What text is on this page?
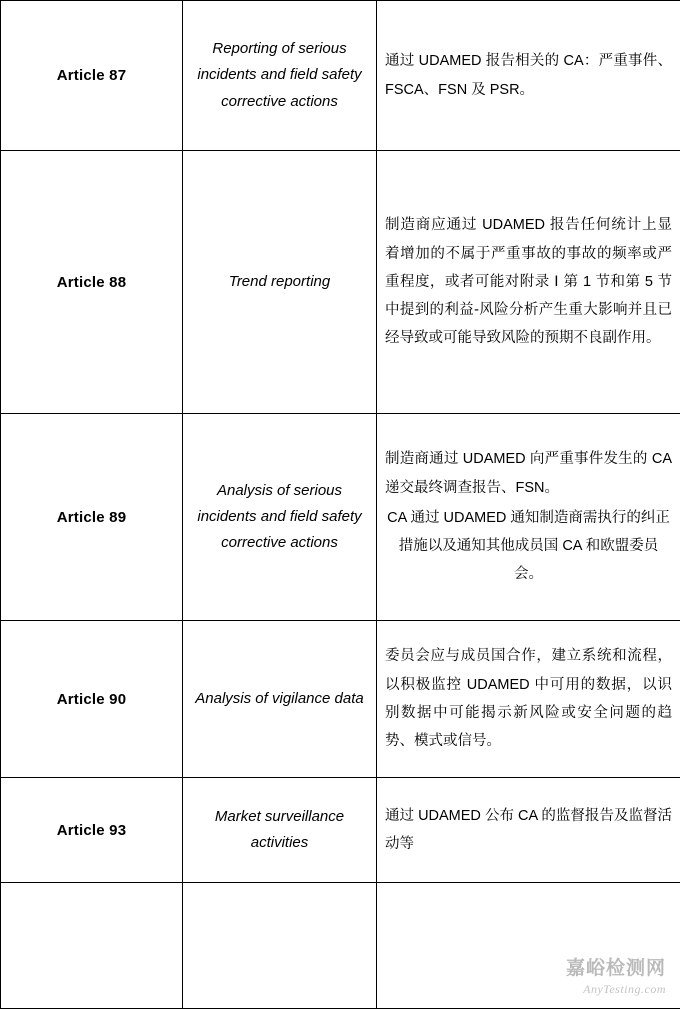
Article 87	Reporting of serious incidents and field safety corrective actions	通过 UDAMED 报告相关的 CA：严重事件、FSCA、FSN 及 PSR。

Article 88	Trend reporting	制造商应通过 UDAMED 报告任何统计上显着增加的不属于严重事故的事故的频率或严重程度，或者可能对附录 Ⅰ 第 1 节和第 5 节中提到的利益-风险分析产生重大影响并且已经导致或可能导致风险的预期不良副作用。

Article 89	Analysis of serious incidents and field safety corrective actions	制造商通过 UDAMED 向严重事件发生的 CA 递交最终调查报告、FSN。

CA 通过 UDAMED 通知制造商需执行的纠正措施以及通知其他成员国 CA 和欧盟委员会。

Article 90	Analysis of vigilance data	委员会应与成员国合作，建立系统和流程，以积极监控 UDAMED 中可用的数据，以识别数据中可能揭示新风险或安全问题的趋势、模式或信号。

Article 93	Market surveillance activities	通过 UDAMED 公布 CA 的监督报告及监督活动等

嘉峪检测网
AnyTesting.com
